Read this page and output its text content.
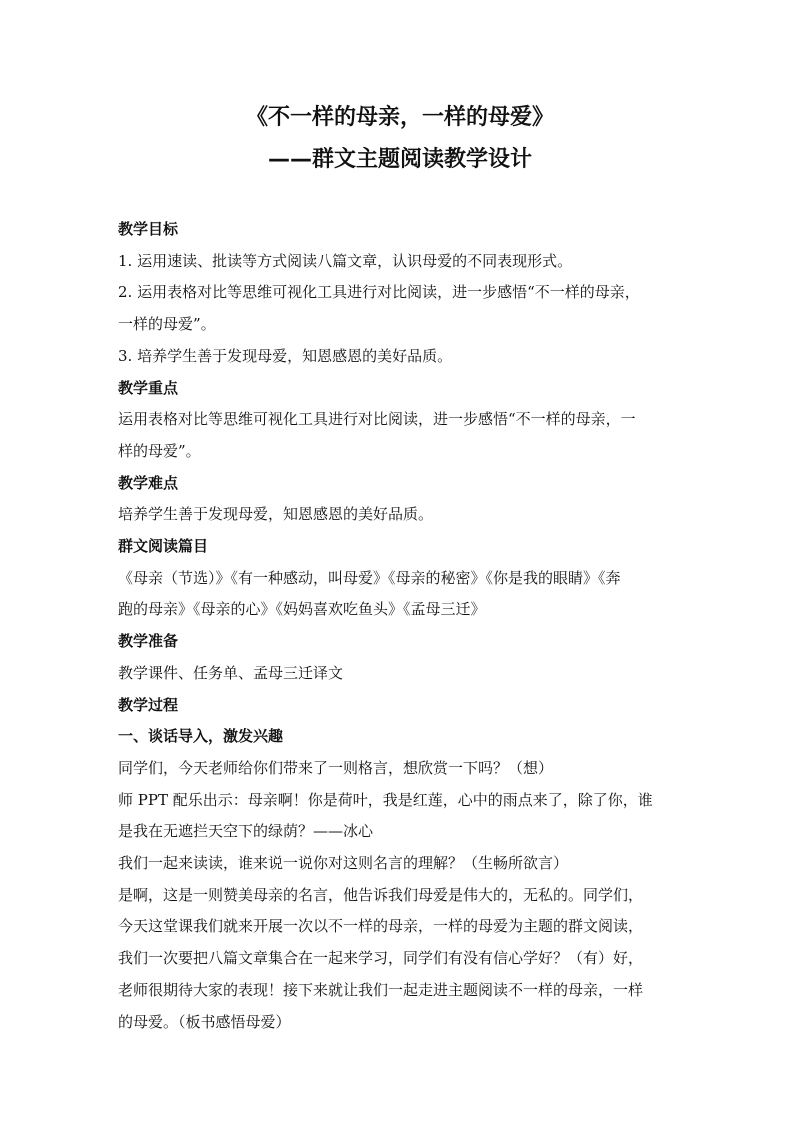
《不一样的母亲，一样的母爱》
——群文主题阅读教学设计
教学目标
1. 运用速读、批读等方式阅读八篇文章，认识母爱的不同表现形式。
2. 运用表格对比等思维可视化工具进行对比阅读，进一步感悟“不一样的母亲，
一样的母爱”。
3. 培养学生善于发现母爱，知恩感恩的美好品质。
教学重点
运用表格对比等思维可视化工具进行对比阅读，进一步感悟“不一样的母亲，一
样的母爱”。
教学难点
培养学生善于发现母爱，知恩感恩的美好品质。
群文阅读篇目
《母亲（节选）》《有一种感动，叫母爱》《母亲的秘密》《你是我的眼睛》《奔
跑的母亲》《母亲的心》《妈妈喜欢吃鱼头》《孟母三迁》
教学准备
教学课件、任务单、孟母三迁译文
教学过程
一、谈话导入，激发兴趣
同学们，今天老师给你们带来了一则格言，想欣赏一下吗？（想）
师 PPT 配乐出示：母亲啊！你是荷叶，我是红莲，心中的雨点来了，除了你，谁
是我在无遮拦天空下的绿荫？——冰心
我们一起来读读，谁来说一说你对这则名言的理解？（生畅所欲言）
是啊，这是一则赞美母亲的名言，他告诉我们母爱是伟大的，无私的。同学们，
今天这堂课我们就来开展一次以不一样的母亲，一样的母爱为主题的群文阅读，
我们一次要把八篇文章集合在一起来学习，同学们有没有信心学好？（有）好，
老师很期待大家的表现！接下来就让我们一起走进主题阅读不一样的母亲，一样
的母爱。（板书感悟母爱）
